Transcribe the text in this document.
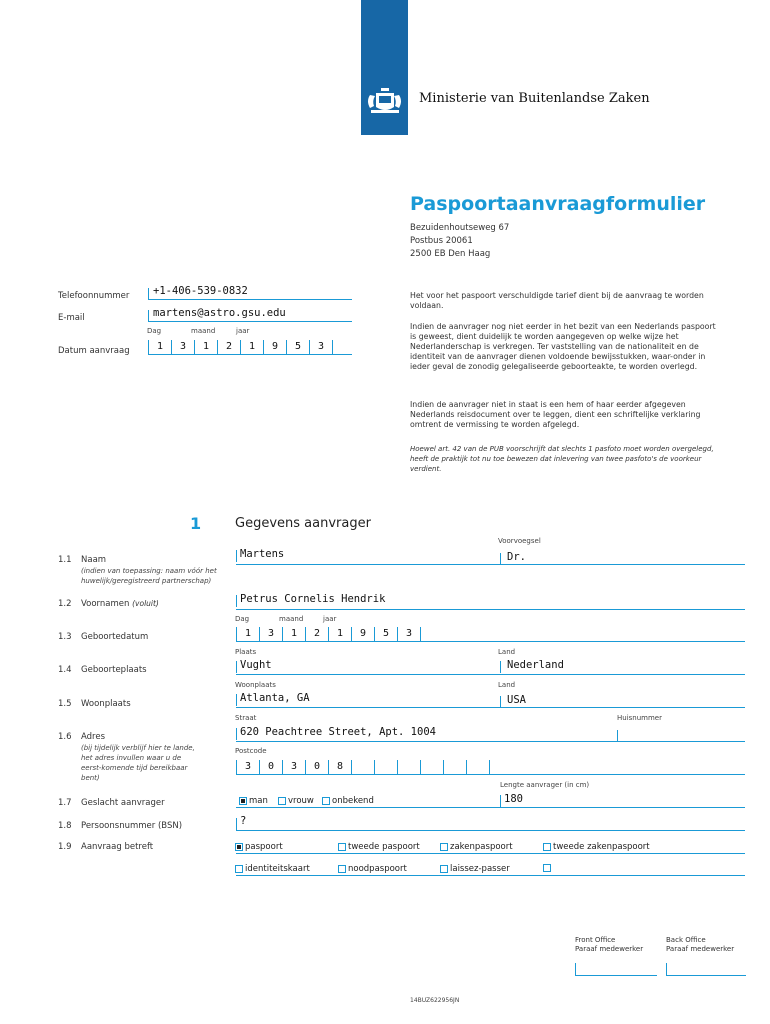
Ministerie van Buitenlandse Zaken
Paspoortaanvraagformulier
Bezuidenhoutseweg 67
Postbus 20061
2500 EB Den Haag
Telefoonnummer +1-406-539-0832
E-mail	martens@astro.gsu.edu
Dag	maand	jaar
Datum aanvraag	1	3	1	2	1	9	5	3
Het voor het paspoort verschuldigde tarief dient bij de aanvraag te worden voldaan.
Indien de aanvrager nog niet eerder in het bezit van een Nederlands paspoort is geweest, dient duidelijk te worden aangegeven op welke wijze het Nederlanderschap is verkregen. Ter vaststelling van de nationaliteit en de identiteit van de aanvrager dienen voldoende bewijsstukken, waar-onder in ieder geval de zonodig gelegaliseerde geboorteakte, te worden overlegd.
Indien de aanvrager niet in staat is een hem of haar eerder afgegeven Nederlands reisdocument over te leggen, dient een schriftelijke verklaring omtrent de vermissing te worden afgelegd.
Hoewel art. 42 van de PUB voorschrijft dat slechts 1 pasfoto moet worden overgelegd, heeft de praktijk tot nu toe bewezen dat inlevering van twee pasfoto's de voorkeur verdient.
1	Gegevens aanvrager
1.1 Naam
(indien van toepassing: naam vóór het huwelijk/geregistreerd partnerschap)
Voorvoegsel
Martens	Dr.
1.2 Voornamen (voluit)	Petrus Cornelis Hendrik
Dag	maand	jaar
1.3 Geboortedatum	1	3	1	2	1	9	5	3
Plaats	Land
1.4 Geboorteplaats	Vught	Nederland
Woonplaats	Land
1.5 Woonplaats	Atlanta, GA	USA
Straat	Huisnummer
1.6 Adres
(bij tijdelijk verblijf hier te lande, het adres invullen waar u de eerst-komende tijd bereikbaar bent)
620 Peachtree Street, Apt. 1004
Postcode
3	0	3	0	8
Lengte aanvrager (in cm)
1.7 Geslacht aanvrager	man vrouw onbekend	180
1.8 Persoonsnummer (BSN)	?
1.9 Aanvraag betreft	paspoort	tweede paspoort	zakenpaspoort	tweede zakenpaspoort
identiteitskaart	noodpaspoort	laissez-passer
Front Office
Paraaf medewerker
Back Office
Paraaf medewerker
14BUZ622956JN
